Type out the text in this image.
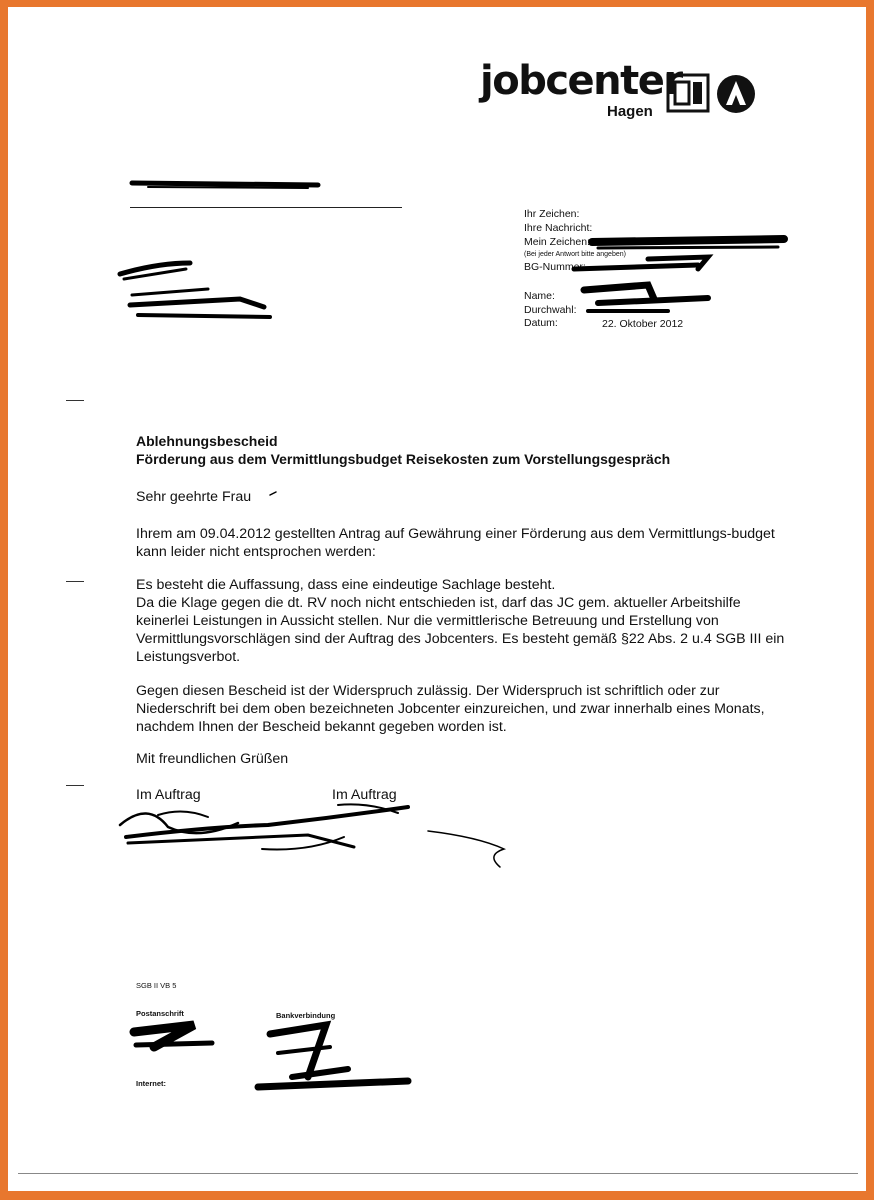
jobcenter
Hagen
Ihr Zeichen:
Ihre Nachricht:
Mein Zeichen:
(Bei jeder Antwort bitte angeben)
BG-Nummer:
Name:
Durchwahl:
Datum:	22. Oktober 2012
Ablehnungsbescheid
Förderung aus dem Vermittlungsbudget Reisekosten zum Vorstellungsgespräch
Sehr geehrte Frau
Ihrem am 09.04.2012 gestellten Antrag auf Gewährung einer Förderung aus dem Vermittlungs-budget kann leider nicht entsprochen werden:
Es besteht die Auffassung, dass eine eindeutige Sachlage besteht.
Da die Klage gegen die dt. RV noch nicht entschieden ist, darf das JC gem. aktueller Arbeitshilfe keinerlei Leistungen in Aussicht stellen. Nur die vermittlerische Betreuung und Erstellung von Vermittlungsvorschlägen sind der Auftrag des Jobcenters. Es besteht gemäß §22 Abs. 2 u.4 SGB III ein Leistungsverbot.
Gegen diesen Bescheid ist der Widerspruch zulässig. Der Widerspruch ist schriftlich oder zur Niederschrift bei dem oben bezeichneten Jobcenter einzureichen, und zwar innerhalb eines Monats, nachdem Ihnen der Bescheid bekannt gegeben worden ist.
Mit freundlichen Grüßen
Im Auftrag	Im Auftrag
SGB II VB 5
Postanschrift	Bankverbindung
Internet:
